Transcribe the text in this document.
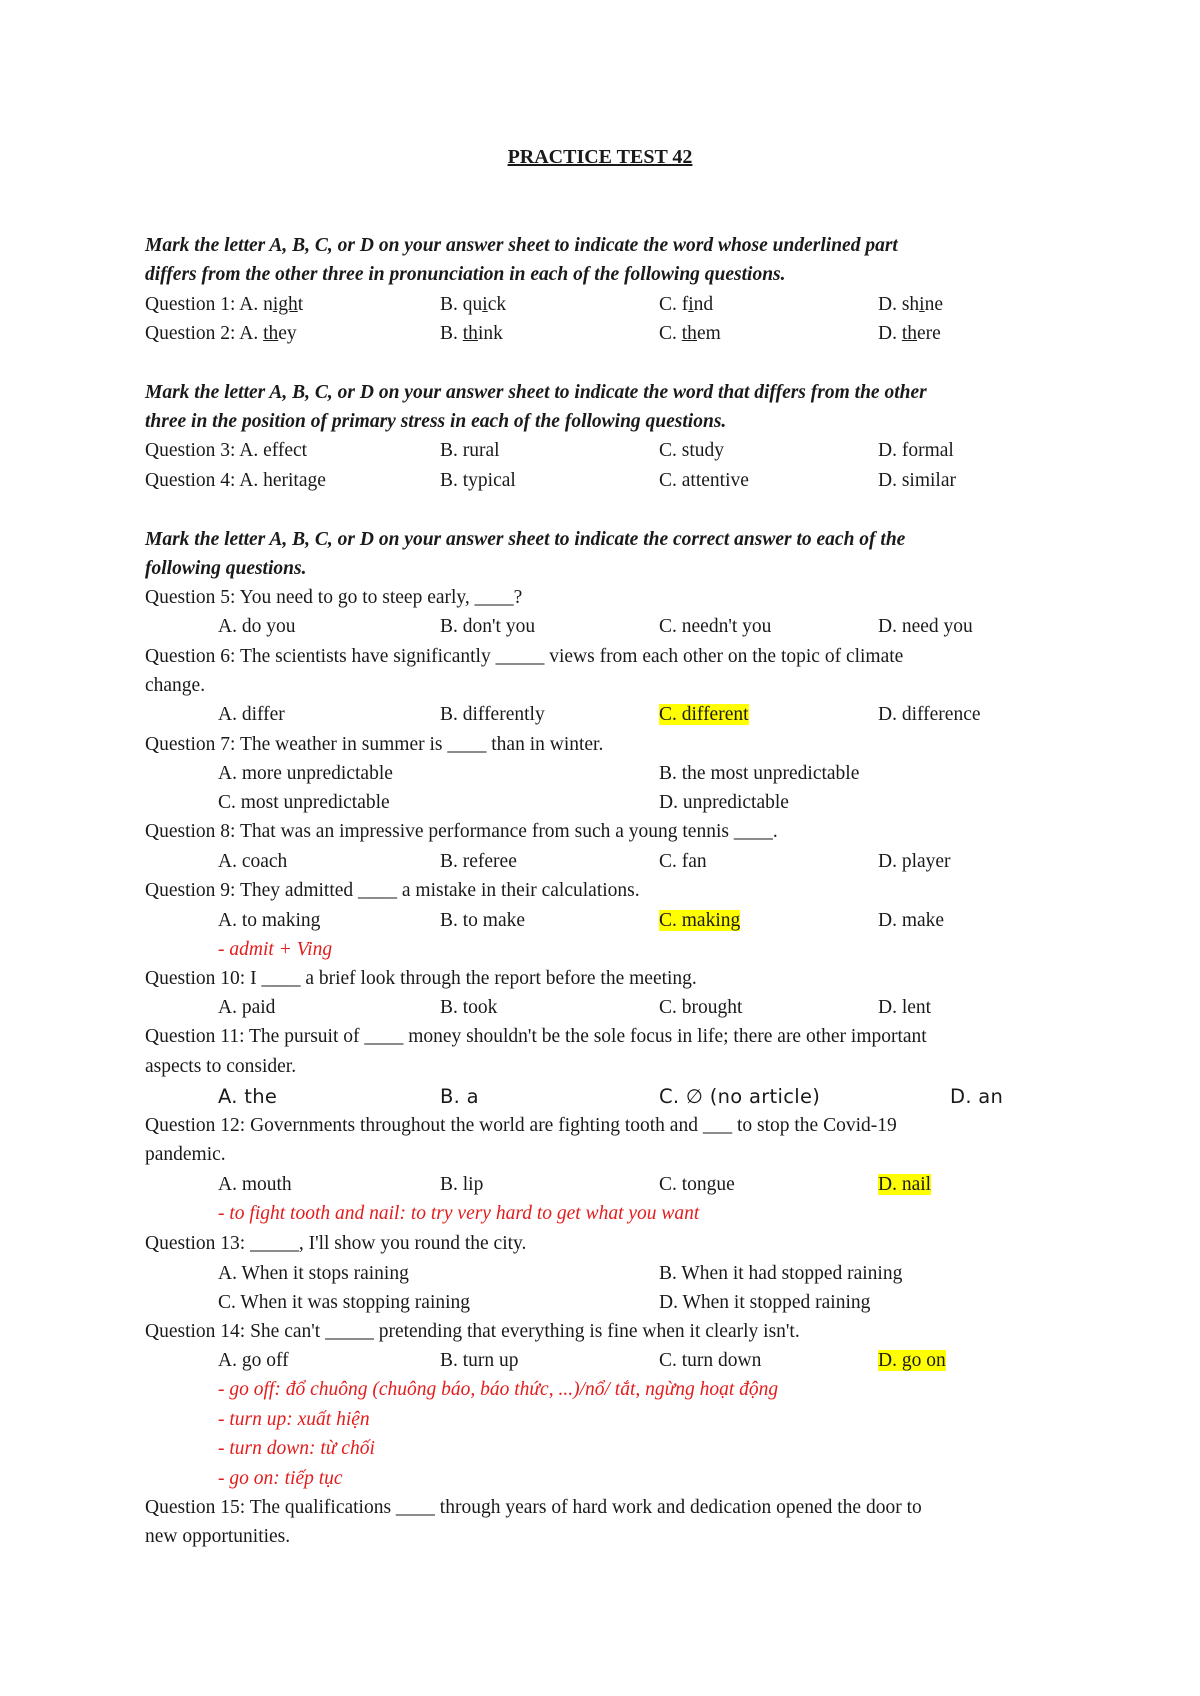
PRACTICE TEST 42
Mark the letter A, B, C, or D on your answer sheet to indicate the word whose underlined part
differs from the other three in pronunciation in each of the following questions.
Question 1: A. night	B. quick	C. find	D. shine
Question 2: A. they	B. think	C. them	D. there
Mark the letter A, B, C, or D on your answer sheet to indicate the word that differs from the other
three in the position of primary stress in each of the following questions.
Question 3: A. effect	B. rural	C. study	D. formal
Question 4: A. heritage	B. typical	C. attentive	D. similar
Mark the letter A, B, C, or D on your answer sheet to indicate the correct answer to each of the
following questions.
Question 5: You need to go to steep early, ____?
A. do you	B. don't you	C. needn't you	D. need you
Question 6: The scientists have significantly _____ views from each other on the topic of climate
change.
A. differ	B. differently	C. different	D. difference
Question 7: The weather in summer is ____ than in winter.
A. more unpredictable	B. the most unpredictable
C. most unpredictable	D. unpredictable
Question 8: That was an impressive performance from such a young tennis ____.
A. coach	B. referee	C. fan	D. player
Question 9: They admitted ____ a mistake in their calculations.
A. to making	B. to make	C. making	D. make
- admit + Ving
Question 10: I ____ a brief look through the report before the meeting.
A. paid	B. took	C. brought	D. lent
Question 11: The pursuit of ____ money shouldn't be the sole focus in life; there are other important
aspects to consider.
A. the	B. a	C. ∅ (no article)	D. an
Question 12: Governments throughout the world are fighting tooth and ___ to stop the Covid-19
pandemic.
A. mouth	B. lip	C. tongue	D. nail
- to fight tooth and nail: to try very hard to get what you want
Question 13: _____, I'll show you round the city.
A. When it stops raining	B. When it had stopped raining
C. When it was stopping raining	D. When it stopped raining
Question 14: She can't _____ pretending that everything is fine when it clearly isn't.
A. go off	B. turn up	C. turn down	D. go on
- go off: đổ chuông (chuông báo, báo thức, ...)/nổ/ tắt, ngừng hoạt động
- turn up: xuất hiện
- turn down: từ chối
- go on: tiếp tục
Question 15: The qualifications ____ through years of hard work and dedication opened the door to
new opportunities.
